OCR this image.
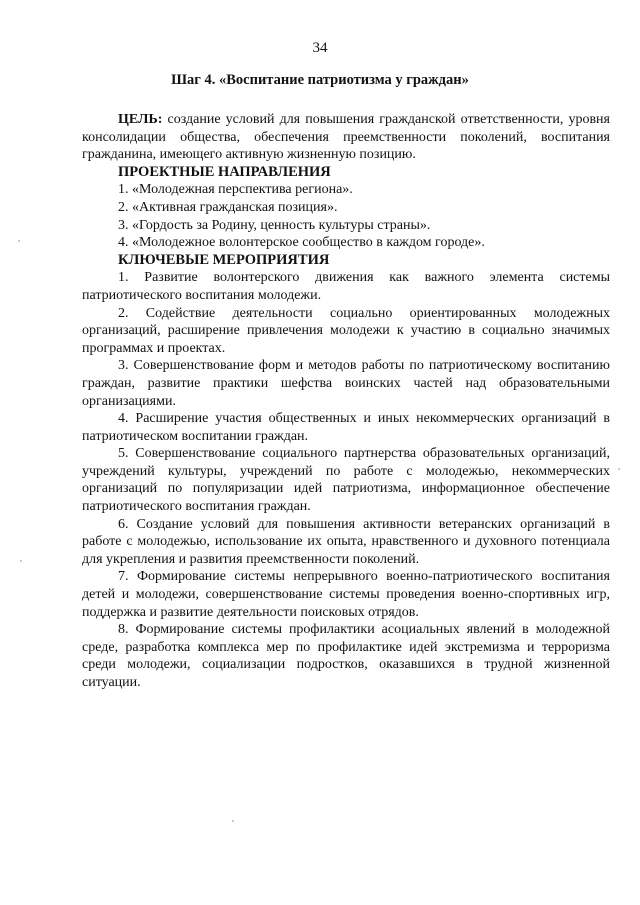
34
Шаг 4. «Воспитание патриотизма у граждан»

ЦЕЛЬ: создание условий для повышения гражданской ответственности, уровня консолидации общества, обеспечения преемственности поколений, воспитания гражданина, имеющего активную жизненную позицию.

ПРОЕКТНЫЕ НАПРАВЛЕНИЯ
1. «Молодежная перспектива региона».
2. «Активная гражданская позиция».
3. «Гордость за Родину, ценность культуры страны».
4. «Молодежное волонтерское сообщество в каждом городе».
КЛЮЧЕВЫЕ МЕРОПРИЯТИЯ

1. Развитие волонтерского движения как важного элемента системы патриотического воспитания молодежи.

2. Содействие деятельности социально ориентированных молодежных организаций, расширение привлечения молодежи к участию в социально значимых программах и проектах.

3. Совершенствование форм и методов работы по патриотическому воспитанию граждан, развитие практики шефства воинских частей над образовательными организациями.

4. Расширение участия общественных и иных некоммерческих организаций в патриотическом воспитании граждан.

5. Совершенствование социального партнерства образовательных организаций, учреждений культуры, учреждений по работе с молодежью, некоммерческих организаций по популяризации идей патриотизма, информационное обеспечение патриотического воспитания граждан.

6. Создание условий для повышения активности ветеранских организаций в работе с молодежью, использование их опыта, нравственного и духовного потенциала для укрепления и развития преемственности поколений.

7. Формирование системы непрерывного военно-патриотического воспитания детей и молодежи, совершенствование системы проведения военно-спортивных игр, поддержка и развитие деятельности поисковых отрядов.

8. Формирование системы профилактики асоциальных явлений в молодежной среде, разработка комплекса мер по профилактике идей экстремизма и терроризма среди молодежи, социализации подростков, оказавшихся в трудной жизненной ситуации.
